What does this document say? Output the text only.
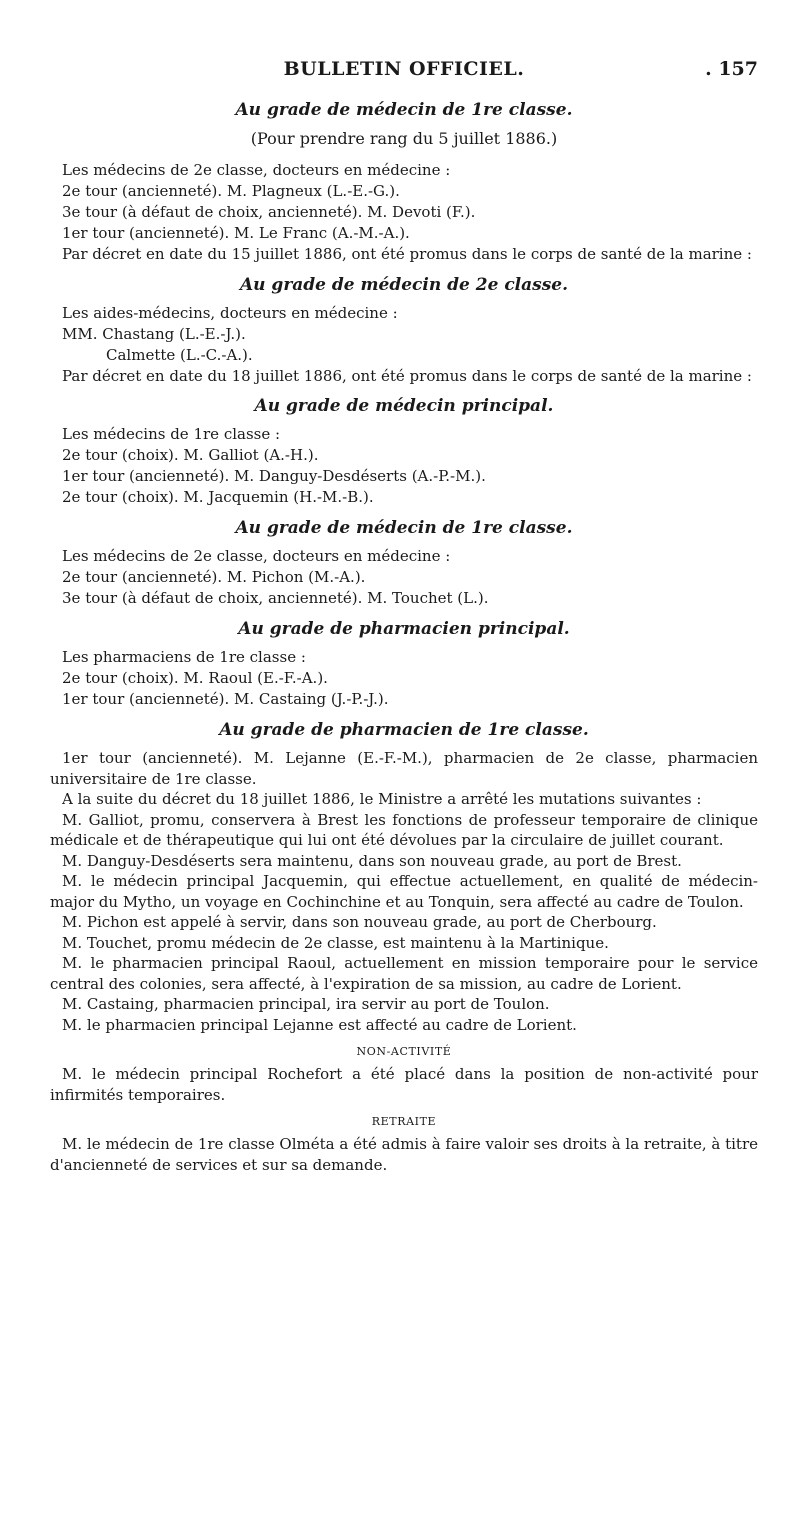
BULLETIN OFFICIEL.	. 157

Au grade de médecin de 1re classe.

(Pour prendre rang du 5 juillet 1886.)

Les médecins de 2e classe, docteurs en médecine :

2e tour (ancienneté). M. Plagneux (L.-E.-G.).

3e tour (à défaut de choix, ancienneté). M. Devoti (F.).

1er tour (ancienneté). M. Le Franc (A.-M.-A.).

Par décret en date du 15 juillet 1886, ont été promus dans le corps de santé de la marine :

Au grade de médecin de 2e classe.

Les aides-médecins, docteurs en médecine :

MM. Chastang (L.-E.-J.).

Calmette (L.-C.-A.).

Par décret en date du 18 juillet 1886, ont été promus dans le corps de santé de la marine :

Au grade de médecin principal.

Les médecins de 1re classe :

2e tour (choix). M. Galliot (A.-H.).

1er tour (ancienneté). M. Danguy-Desdéserts (A.-P.-M.).

2e tour (choix). M. Jacquemin (H.-M.-B.).

Au grade de médecin de 1re classe.

Les médecins de 2e classe, docteurs en médecine :

2e tour (ancienneté). M. Pichon (M.-A.).

3e tour (à défaut de choix, ancienneté). M. Touchet (L.).

Au grade de pharmacien principal.

Les pharmaciens de 1re classe :

2e tour (choix). M. Raoul (E.-F.-A.).

1er tour (ancienneté). M. Castaing (J.-P.-J.).

Au grade de pharmacien de 1re classe.

1er tour (ancienneté). M. Lejanne (E.-F.-M.), pharmacien de 2e classe, pharmacien universitaire de 1re classe.

A la suite du décret du 18 juillet 1886, le Ministre a arrêté les mutations suivantes :

M. Galliot, promu, conservera à Brest les fonctions de professeur temporaire de clinique médicale et de thérapeutique qui lui ont été dévolues par la circulaire de juillet courant.

M. Danguy-Desdéserts sera maintenu, dans son nouveau grade, au port de Brest.

M. le médecin principal Jacquemin, qui effectue actuellement, en qualité de médecin-major du Mytho, un voyage en Cochinchine et au Tonquin, sera affecté au cadre de Toulon.

M. Pichon est appelé à servir, dans son nouveau grade, au port de Cherbourg.

M. Touchet, promu médecin de 2e classe, est maintenu à la Martinique.

M. le pharmacien principal Raoul, actuellement en mission temporaire pour le service central des colonies, sera affecté, à l'expiration de sa mission, au cadre de Lorient.

M. Castaing, pharmacien principal, ira servir au port de Toulon.

M. le pharmacien principal Lejanne est affecté au cadre de Lorient.

NON-ACTIVITÉ

M. le médecin principal Rochefort a été placé dans la position de non-activité pour infirmités temporaires.

RETRAITE

M. le médecin de 1re classe Olméta a été admis à faire valoir ses droits à la retraite, à titre d'ancienneté de services et sur sa demande.
